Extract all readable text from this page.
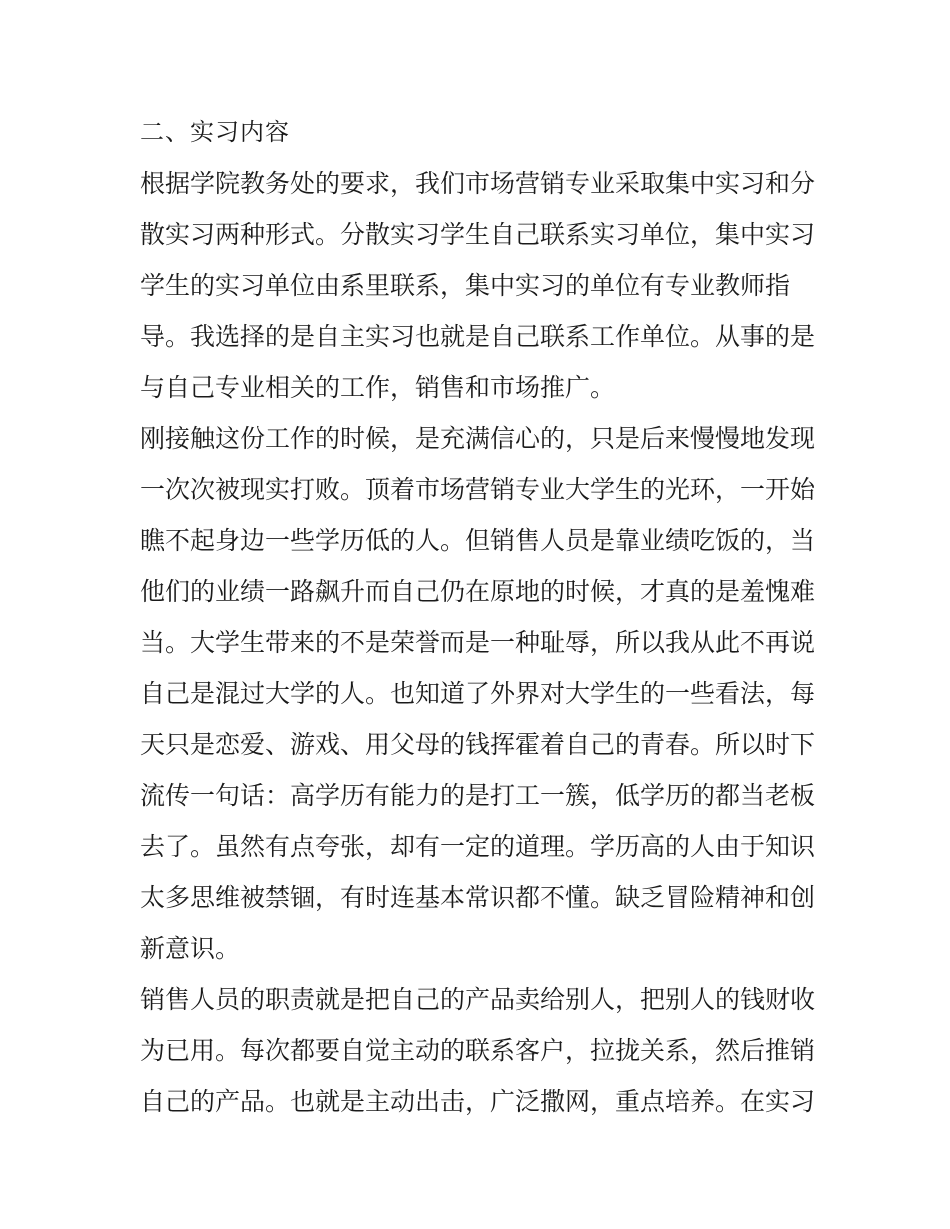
二、实习内容
根据学院教务处的要求，我们市场营销专业采取集中实习和分
散实习两种形式。分散实习学生自己联系实习单位，集中实习
学生的实习单位由系里联系，集中实习的单位有专业教师指
导。我选择的是自主实习也就是自己联系工作单位。从事的是
与自己专业相关的工作，销售和市场推广。
刚接触这份工作的时候，是充满信心的，只是后来慢慢地发现
一次次被现实打败。顶着市场营销专业大学生的光环，一开始
瞧不起身边一些学历低的人。但销售人员是靠业绩吃饭的，当
他们的业绩一路飙升而自己仍在原地的时候，才真的是羞愧难
当。大学生带来的不是荣誉而是一种耻辱，所以我从此不再说
自己是混过大学的人。也知道了外界对大学生的一些看法，每
天只是恋爱、游戏、用父母的钱挥霍着自己的青春。所以时下
流传一句话：高学历有能力的是打工一簇，低学历的都当老板
去了。虽然有点夸张，却有一定的道理。学历高的人由于知识
太多思维被禁锢，有时连基本常识都不懂。缺乏冒险精神和创
新意识。
销售人员的职责就是把自己的产品卖给别人，把别人的钱财收
为已用。每次都要自觉主动的联系客户，拉拢关系，然后推销
自己的产品。也就是主动出击，广泛撒网，重点培养。在实习
